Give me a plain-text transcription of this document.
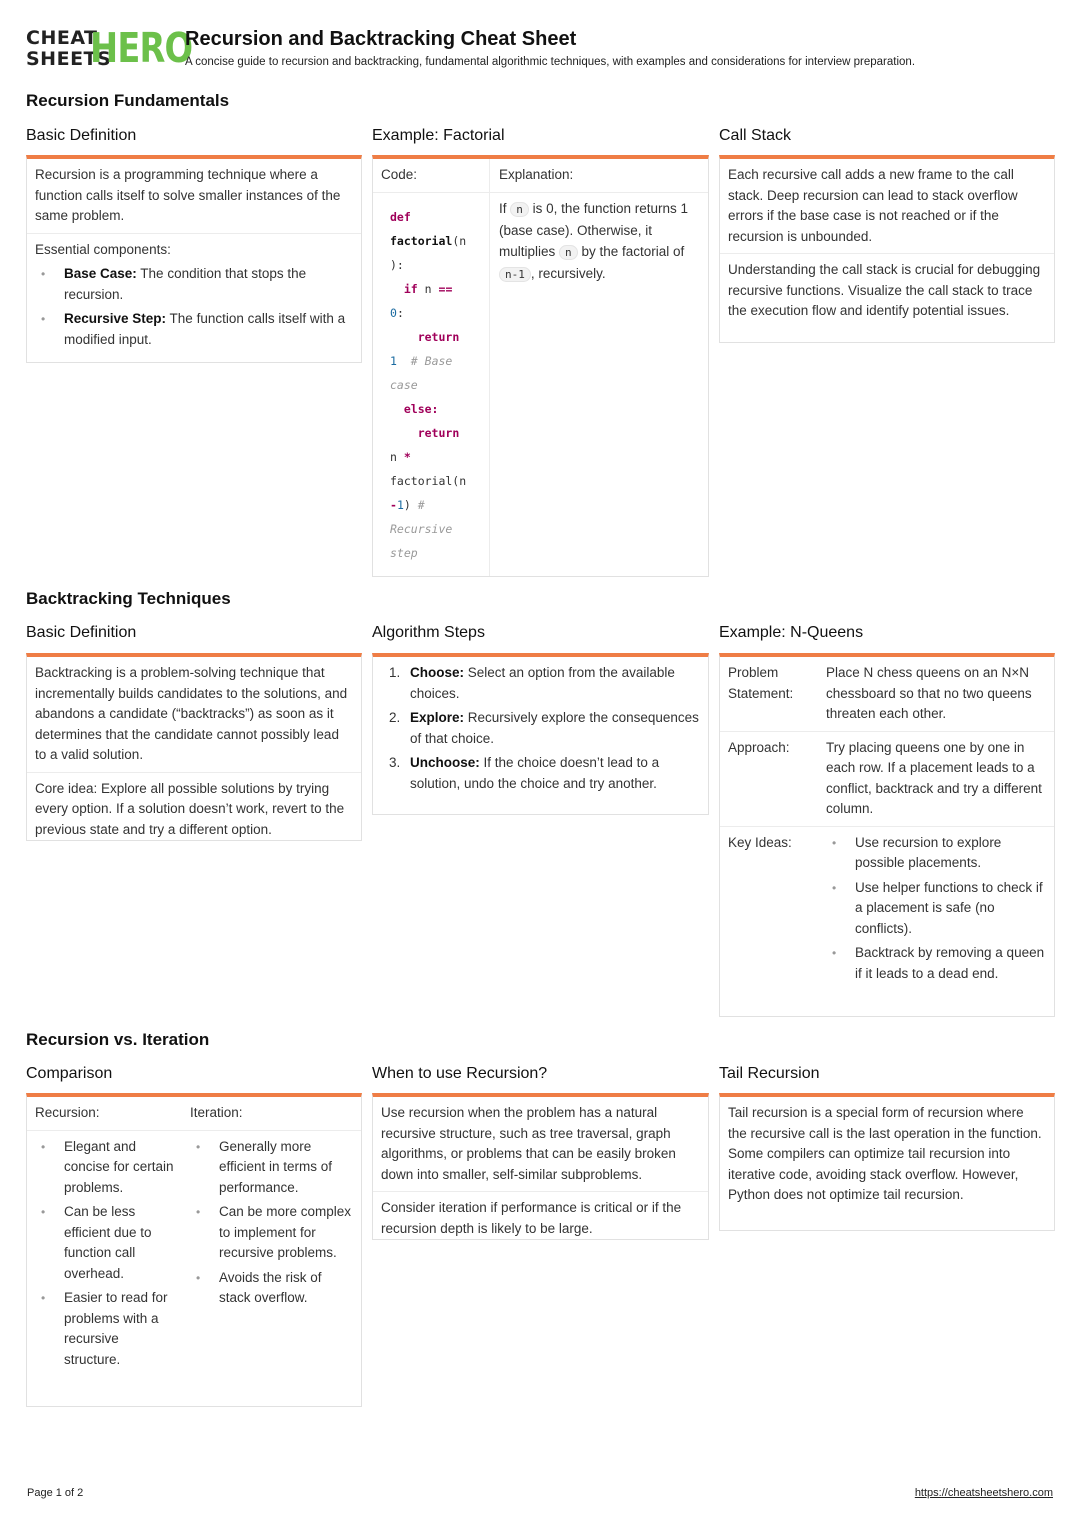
CHEAT
SHEETS
HERO
Recursion and Backtracking Cheat Sheet
A concise guide to recursion and backtracking, fundamental algorithmic techniques, with examples and considerations for interview preparation.
Recursion Fundamentals
Basic Definition
Recursion is a programming technique where a function calls itself to solve smaller instances of the same problem.
Essential components:
• Base Case: The condition that stops the recursion.
• Recursive Step: The function calls itself with a modified input.
Example: Factorial
Code:
def
factorial(n
):
if n ==
0:
return
1 # Base
case
else:
return
n *
factorial(n
-1) #
Recursive
step
Explanation:
If n is 0, the function returns 1 (base case). Otherwise, it multiplies n by the factorial of n-1 , recursively.
Call Stack
Each recursive call adds a new frame to the call stack. Deep recursion can lead to stack overflow errors if the base case is not reached or if the recursion is unbounded.
Understanding the call stack is crucial for debugging recursive functions. Visualize the call stack to trace the execution flow and identify potential issues.
Backtracking Techniques
Basic Definition
Backtracking is a problem-solving technique that incrementally builds candidates to the solutions, and abandons a candidate (“backtracks”) as soon as it determines that the candidate cannot possibly lead to a valid solution.
Core idea: Explore all possible solutions by trying every option. If a solution doesn’t work, revert to the previous state and try a different option.
Algorithm Steps
1. Choose: Select an option from the available choices.
2. Explore: Recursively explore the consequences of that choice.
3. Unchoose: If the choice doesn’t lead to a solution, undo the choice and try another.
Example: N-Queens
Problem Statement:
Place N chess queens on an N×N chessboard so that no two queens threaten each other.
Approach:	Try placing queens one by one in each row. If a placement leads to a conflict, backtrack and try a different column.
Key Ideas:
•	Use recursion to explore possible placements.
• Use helper functions to check if a placement is safe (no conflicts).
• Backtrack by removing a queen if it leads to a dead end.
Recursion vs. Iteration
Comparison
Recursion:	Iteration:
• Elegant and concise for certain problems.
• Can be less efficient due to function call overhead.
• Easier to read for problems with a recursive structure.
• Generally more efficient in terms of performance.
• Can be more complex to implement for recursive problems.
• Avoids the risk of stack overflow.
When to use Recursion?
Use recursion when the problem has a natural recursive structure, such as tree traversal, graph algorithms, or problems that can be easily broken down into smaller, self-similar subproblems.
Consider iteration if performance is critical or if the recursion depth is likely to be large.
Tail Recursion
Tail recursion is a special form of recursion where the recursive call is the last operation in the function. Some compilers can optimize tail recursion into iterative code, avoiding stack overflow. However, Python does not optimize tail recursion.
Page 1 of 2	https://cheatsheetshero.com
